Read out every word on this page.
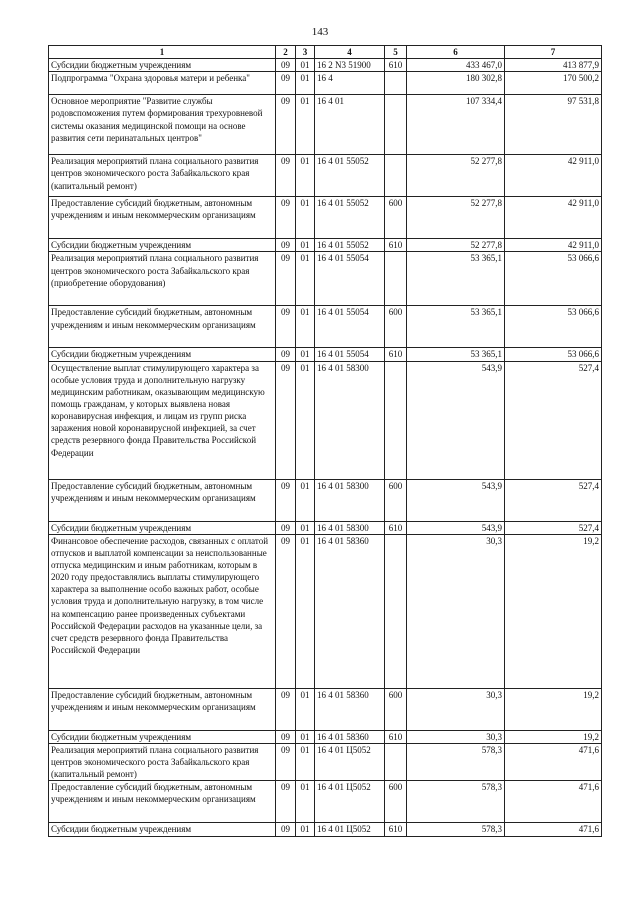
143
1	2	3	4	5	6	7
Субсидии бюджетным учреждениям	09	01	16 2 N3 51900	610	433 467,0	413 877,9
Подпрограмма "Охрана здоровья матери и ребенка"	09	01	16 4		180 302,8	170 500,2
Основное мероприятие "Развитие службы родовспоможения путем формирования трехуровневой системы оказания медицинской помощи на основе развития сети перинатальных центров"	09	01	16 4 01		107 334,4	97 531,8
Реализация мероприятий плана социального развития центров экономического роста Забайкальского края (капитальный ремонт)	09	01	16 4 01 55052		52 277,8	42 911,0
Предоставление субсидий бюджетным, автономным учреждениям и иным некоммерческим организациям	09	01	16 4 01 55052	600	52 277,8	42 911,0
Субсидии бюджетным учреждениям	09	01	16 4 01 55052	610	52 277,8	42 911,0
Реализация мероприятий плана социального развития центров экономического роста Забайкальского края (приобретение оборудования)	09	01	16 4 01 55054		53 365,1	53 066,6
Предоставление субсидий бюджетным, автономным учреждениям и иным некоммерческим организациям	09	01	16 4 01 55054	600	53 365,1	53 066,6
Субсидии бюджетным учреждениям	09	01	16 4 01 55054	610	53 365,1	53 066,6
Осуществление выплат стимулирующего характера за особые условия труда и дополнительную нагрузку медицинским работникам, оказывающим медицинскую помощь гражданам, у которых выявлена новая коронавирусная инфекция, и лицам из групп риска заражения новой коронавирусной инфекцией, за счет средств резервного фонда Правительства Российской Федерации	09	01	16 4 01 58300		543,9	527,4
Предоставление субсидий бюджетным, автономным учреждениям и иным некоммерческим организациям	09	01	16 4 01 58300	600	543,9	527,4
Субсидии бюджетным учреждениям	09	01	16 4 01 58300	610	543,9	527,4
Финансовое обеспечение расходов, связанных с оплатой отпусков и выплатой компенсации за неиспользованные отпуска медицинским и иным работникам, которым в 2020 году предоставлялись выплаты стимулирующего характера за выполнение особо важных работ, особые условия труда и дополнительную нагрузку, в том числе на компенсацию ранее произведенных субъектами Российской Федерации расходов на указанные цели, за счет средств резервного фонда Правительства Российской Федерации	09	01	16 4 01 58360		30,3	19,2
Предоставление субсидий бюджетным, автономным учреждениям и иным некоммерческим организациям	09	01	16 4 01 58360	600	30,3	19,2
Субсидии бюджетным учреждениям	09	01	16 4 01 58360	610	30,3	19,2
Реализация мероприятий плана социального развития центров экономического роста Забайкальского края (капитальный ремонт)	09	01	16 4 01 Ц5052		578,3	471,6
Предоставление субсидий бюджетным, автономным учреждениям и иным некоммерческим организациям	09	01	16 4 01 Ц5052	600	578,3	471,6
Субсидии бюджетным учреждениям	09	01	16 4 01 Ц5052	610	578,3	471,6
